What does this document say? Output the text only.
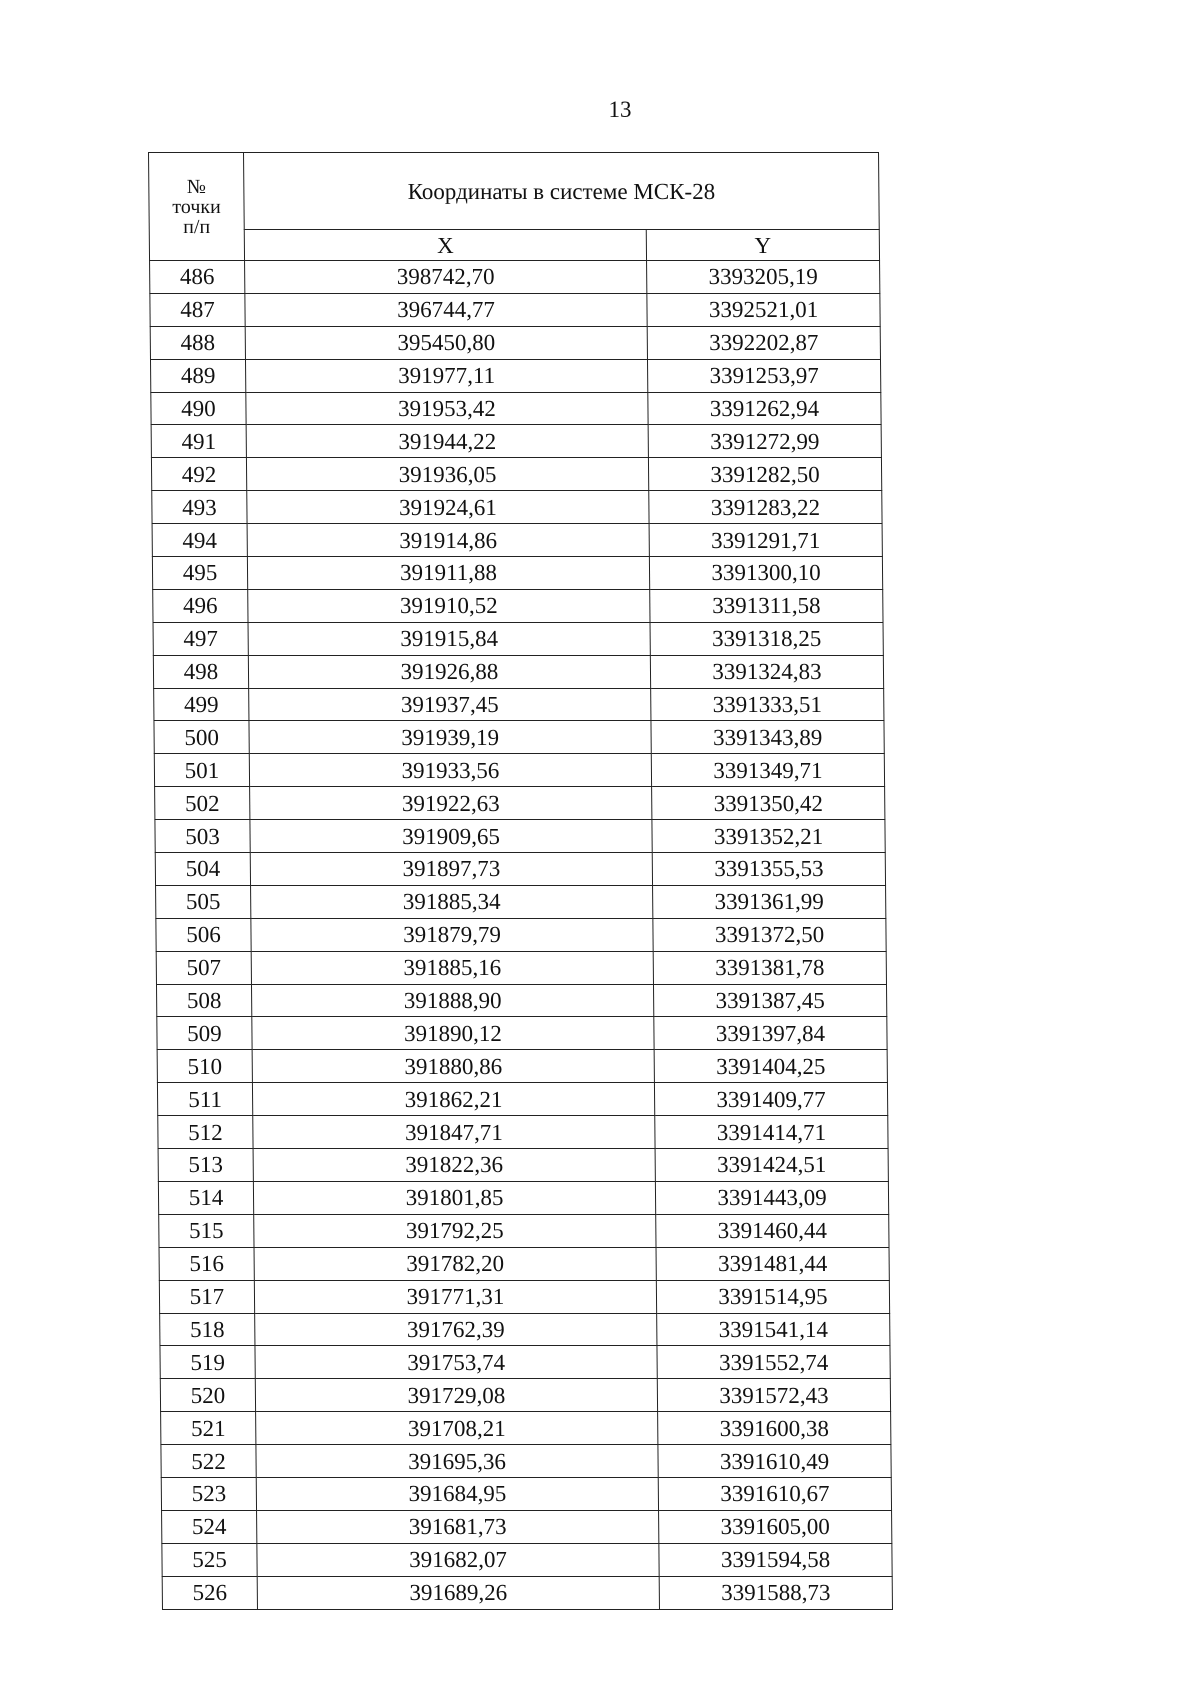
13
№
точки
п/п	Координаты в системе МСК-28	
	X	Y
486	398742,70	3393205,19
487	396744,77	3392521,01
488	395450,80	3392202,87
489	391977,11	3391253,97
490	391953,42	3391262,94
491	391944,22	3391272,99
492	391936,05	3391282,50
493	391924,61	3391283,22
494	391914,86	3391291,71
495	391911,88	3391300,10
496	391910,52	3391311,58
497	391915,84	3391318,25
498	391926,88	3391324,83
499	391937,45	3391333,51
500	391939,19	3391343,89
501	391933,56	3391349,71
502	391922,63	3391350,42
503	391909,65	3391352,21
504	391897,73	3391355,53
505	391885,34	3391361,99
506	391879,79	3391372,50
507	391885,16	3391381,78
508	391888,90	3391387,45
509	391890,12	3391397,84
510	391880,86	3391404,25
511	391862,21	3391409,77
512	391847,71	3391414,71
513	391822,36	3391424,51
514	391801,85	3391443,09
515	391792,25	3391460,44
516	391782,20	3391481,44
517	391771,31	3391514,95
518	391762,39	3391541,14
519	391753,74	3391552,74
520	391729,08	3391572,43
521	391708,21	3391600,38
522	391695,36	3391610,49
523	391684,95	3391610,67
524	391681,73	3391605,00
525	391682,07	3391594,58
526	391689,26	3391588,73
